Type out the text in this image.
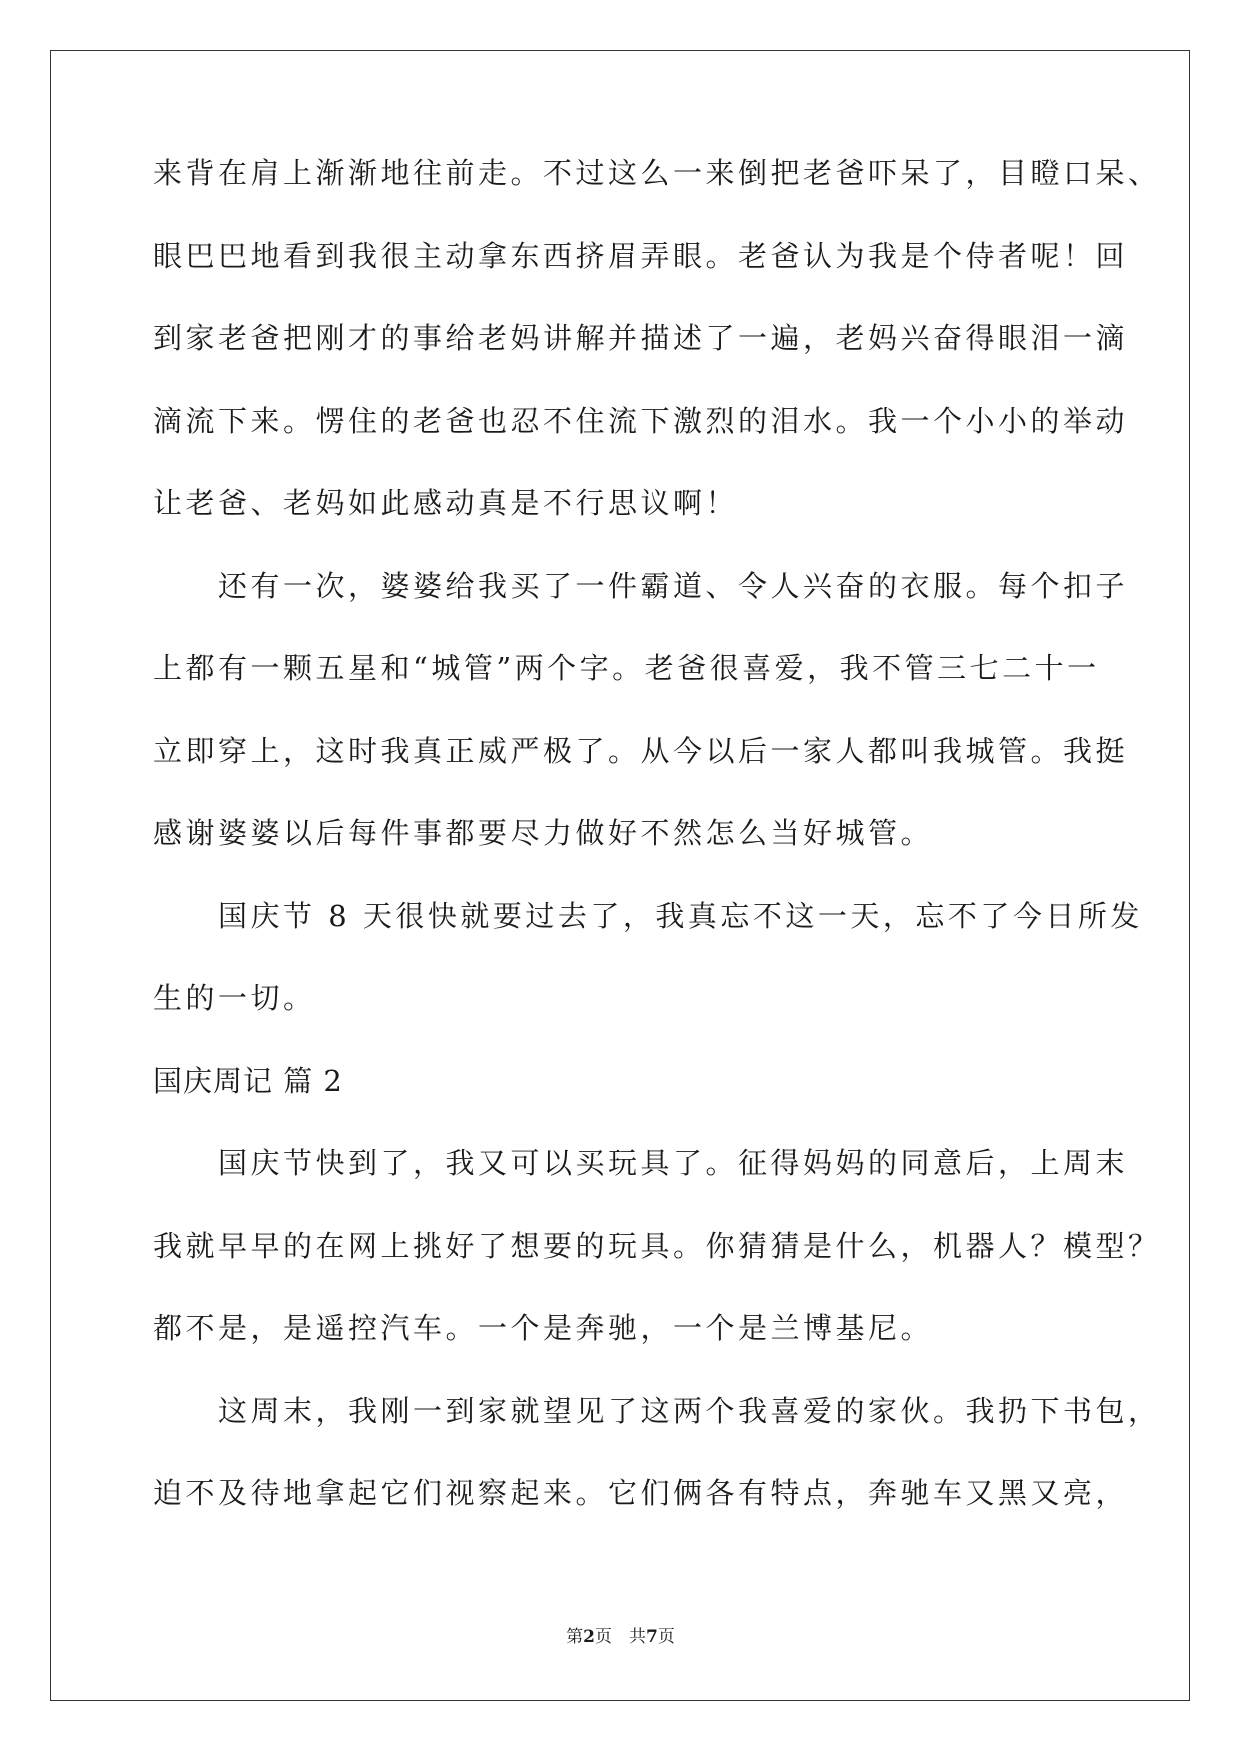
来背在肩上渐渐地往前走。不过这么一来倒把老爸吓呆了，目瞪口呆、
眼巴巴地看到我很主动拿东西挤眉弄眼。老爸认为我是个侍者呢！回
到家老爸把刚才的事给老妈讲解并描述了一遍，老妈兴奋得眼泪一滴
滴流下来。愣住的老爸也忍不住流下激烈的泪水。我一个小小的举动
让老爸、老妈如此感动真是不行思议啊！
　　还有一次，婆婆给我买了一件霸道、令人兴奋的衣服。每个扣子
上都有一颗五星和“城管”两个字。老爸很喜爱，我不管三七二十一
立即穿上，这时我真正威严极了。从今以后一家人都叫我城管。我挺
感谢婆婆以后每件事都要尽力做好不然怎么当好城管。
　　国庆节 8 天很快就要过去了，我真忘不这一天，忘不了今日所发
生的一切。
国庆周记 篇 2
　　国庆节快到了，我又可以买玩具了。征得妈妈的同意后，上周末
我就早早的在网上挑好了想要的玩具。你猜猜是什么，机器人？模型？
都不是，是遥控汽车。一个是奔驰，一个是兰博基尼。
　　这周末，我刚一到家就望见了这两个我喜爱的家伙。我扔下书包，
迫不及待地拿起它们视察起来。它们俩各有特点，奔驰车又黑又亮，
第2页　共7页
